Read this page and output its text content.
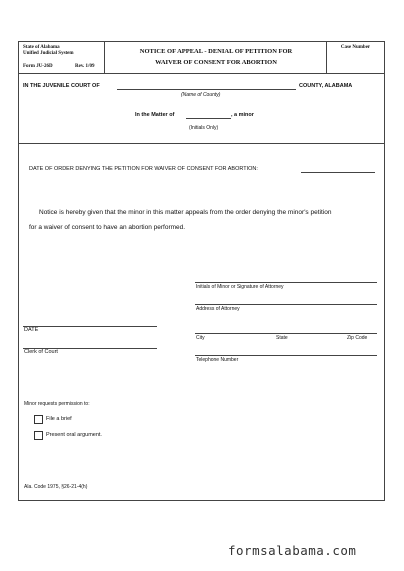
State of Alabama
Unified Judicial System
Form JU-26D	Rev. 1/09
NOTICE OF APPEAL - DENIAL OF PETITION FOR
WAIVER OF CONSENT FOR ABORTION
Case Number
IN THE JUVENILE COURT OF	COUNTY, ALABAMA
(Name of County)
In the Matter of	, a minor
(Initials Only)
DATE OF ORDER DENYING THE PETITION FOR WAIVER OF CONSENT FOR ABORTION:
Notice is hereby given that the minor in this matter appeals from the order denying the minor's petition
for a waiver of consent to have an abortion performed.
Initials of Minor or Signature of Attorney
Address of Attorney
City	State	Zip Code
Telephone Number
DATE
Clerk of Court
Minor requests permission to:
File a brief
Present oral argument.
Ala. Code 1975, §26-21-4(h)
formsalabama.com
